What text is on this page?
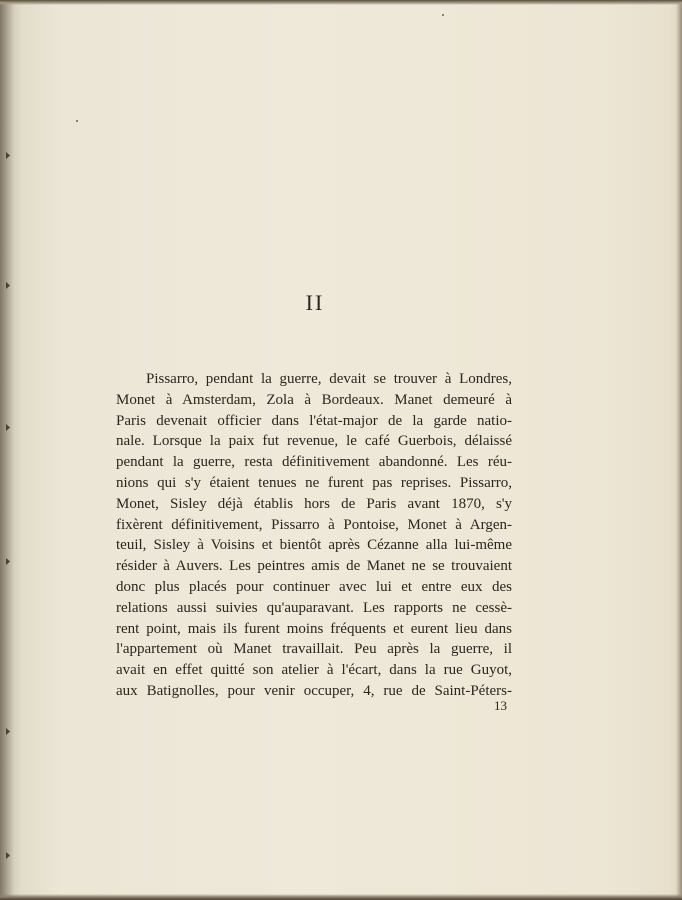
II
Pissarro, pendant la guerre, devait se trouver à Londres,
Monet à Amsterdam, Zola à Bordeaux. Manet demeuré à
Paris devenait officier dans l'état-major de la garde natio-
nale. Lorsque la paix fut revenue, le café Guerbois, délaissé
pendant la guerre, resta définitivement abandonné. Les réu-
nions qui s'y étaient tenues ne furent pas reprises. Pissarro,
Monet, Sisley déjà établis hors de Paris avant 1870, s'y
fixèrent définitivement, Pissarro à Pontoise, Monet à Argen-
teuil, Sisley à Voisins et bientôt après Cézanne alla lui-même
résider à Auvers. Les peintres amis de Manet ne se trouvaient
donc plus placés pour continuer avec lui et entre eux des
relations aussi suivies qu'auparavant. Les rapports ne cessè-
rent point, mais ils furent moins fréquents et eurent lieu dans
l'appartement où Manet travaillait. Peu après la guerre, il
avait en effet quitté son atelier à l'écart, dans la rue Guyot,
aux Batignolles, pour venir occuper, 4, rue de Saint-Péters-
13
